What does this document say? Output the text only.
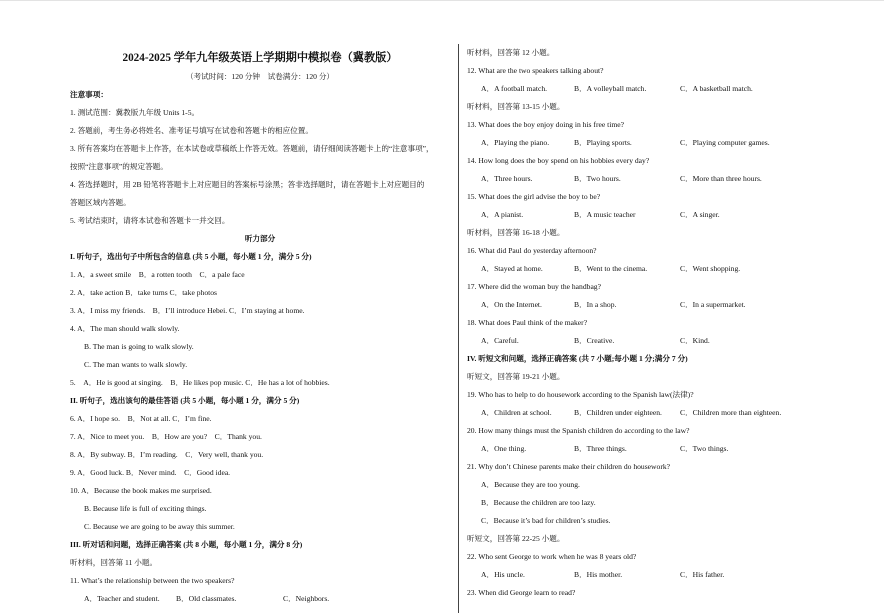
2024-2025 学年九年级英语上学期期中模拟卷（冀教版）
（考试时间：120 分钟　试卷满分：120 分）
注意事项：
1. 测试范围：冀教版九年级 Units 1-5。
2. 答题前，考生务必将姓名、准考证号填写在试卷和答题卡的相应位置。
3. 所有答案均在答题卡上作答，在本试卷或草稿纸上作答无效。答题前，请仔细阅读答题卡上的“注意事项”，
按照“注意事项”的规定答题。
4. 答选择题时，用 2B 铅笔将答题卡上对应题目的答案标号涂黑；答非选择题时，请在答题卡上对应题目的
答题区域内答题。
5. 考试结束时，请将本试卷和答题卡一并交回。
听力部分
I. 听句子，选出句子中所包含的信息 (共 5 小题，每小题 1 分，满分 5 分)
1. A．a sweet smile　B．a rotten tooth　C．a pale face
2. A．take action B．take turns C．take photos
3. A．I miss my friends.　B．I’ll introduce Hebei. C．I’m staying at home.
4. A．The man should walk slowly.
B. The man is going to walk slowly.
C. The man wants to walk slowly.
5.　A．He is good at singing.　B．He likes pop music. C．He has a lot of hobbies.
II. 听句子，选出该句的最佳答语 (共 5 小题，每小题 1 分，满分 5 分)
6. A．I hope so.　B．Not at all. C．I’m fine.
7. A．Nice to meet you.　B．How are you?　C．Thank you.
8. A．By subway. B．I’m reading.　C．Very well, thank you.
9. A．Good luck. B．Never mind.　C．Good idea.
10. A．Because the book makes me surprised.
B. Because life is full of exciting things.
C. Because we are going to be away this summer.
III. 听对话和问题，选择正确答案 (共 8 小题，每小题 1 分，满分 8 分)
听材料，回答第 11 小题。
11. What’s the relationship between the two speakers?
A．Teacher and student.	B．Old classmates.	C．Neighbors.
听材料，回答第 12 小题。
12. What are the two speakers talking about?
A．A football match.	B．A volleyball match.	C．A basketball match.
听材料，回答第 13-15 小题。
13. What does the boy enjoy doing in his free time?
A．Playing the piano.	B．Playing sports.	C．Playing computer games.
14. How long does the boy spend on his hobbies every day?
A．Three hours.	B．Two hours.	C．More than three hours.
15. What does the girl advise the boy to be?
A．A pianist.	B．A music teacher	C．A singer.
听材料，回答第 16-18 小题。
16. What did Paul do yesterday afternoon?
A．Stayed at home.	B．Went to the cinema.	C．Went shopping.
17. Where did the woman buy the handbag?
A．On the Internet.	B．In a shop.	C．In a supermarket.
18. What does Paul think of the maker?
A．Careful.	B．Creative.	C．Kind.
IV. 听短文和问题，选择正确答案 (共 7 小题;每小题 1 分;满分 7 分)
听短文，回答第 19-21 小题。
19. Who has to help to do housework according to the Spanish law(法律)?
A．Children at school.	B．Children under eighteen.	C．Children more than eighteen.
20. How many things must the Spanish children do according to the law?
A．One thing.	B．Three things.	C．Two things.
21. Why don’t Chinese parents make their children do housework?
A．Because they are too young.
B．Because the children are too lazy.
C．Because it’s bad for children’s studies.
听短文，回答第 22-25 小题。
22. Who sent George to work when he was 8 years old?
A．His uncle.	B．His mother.	C．His father.
23. When did George learn to read?
